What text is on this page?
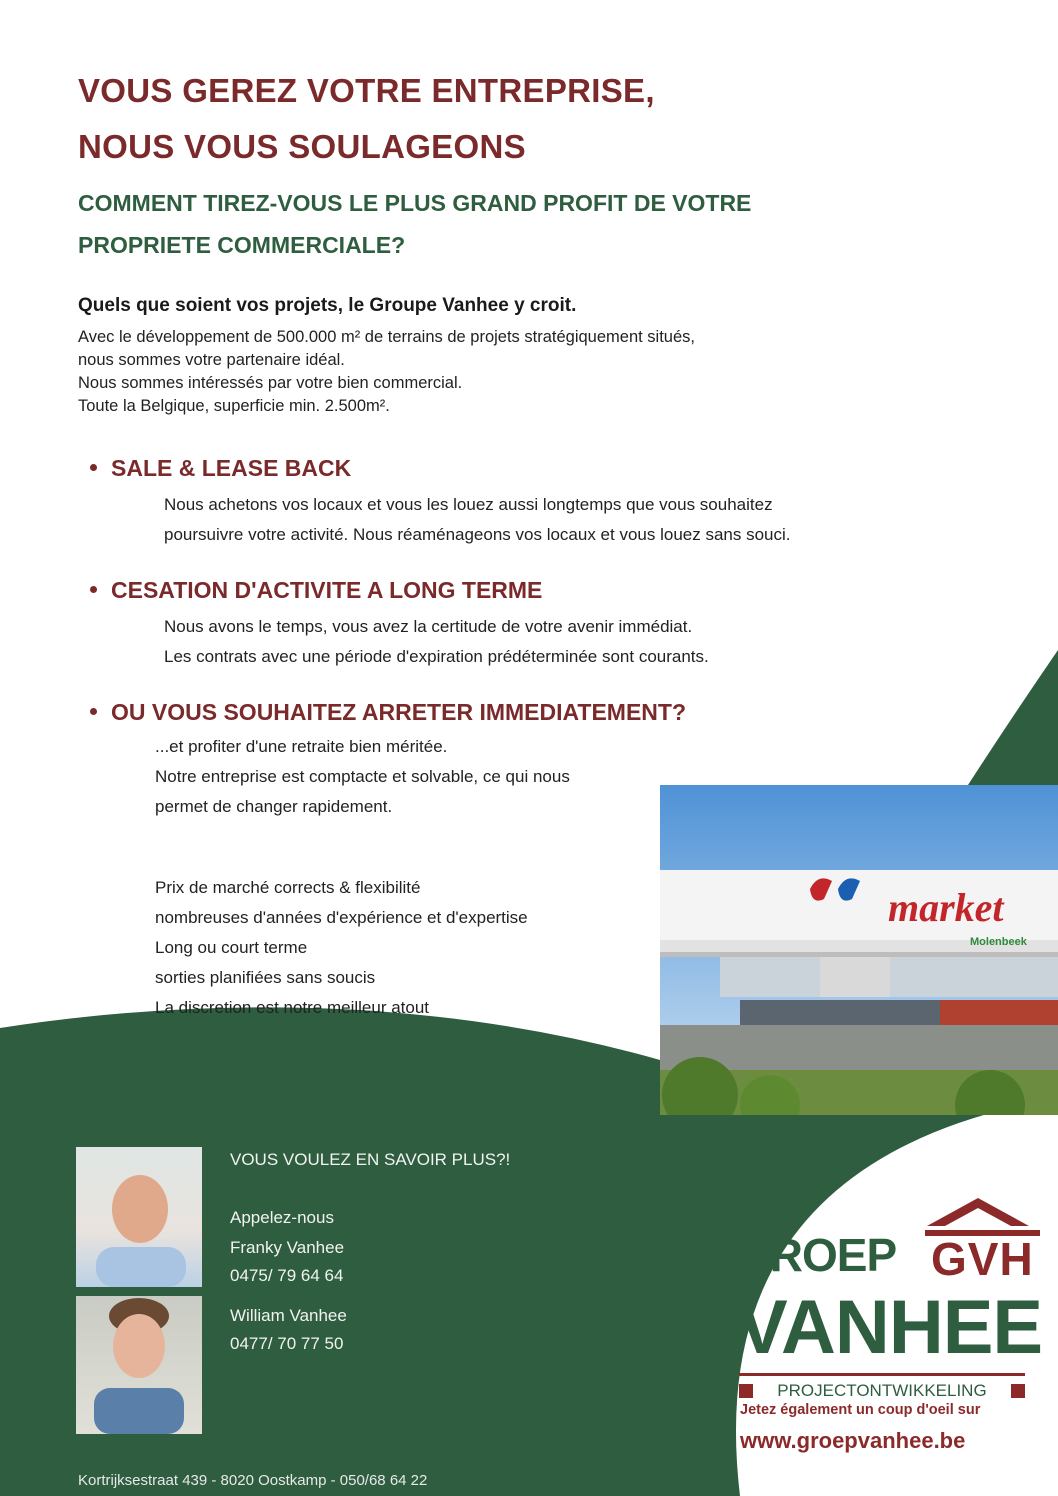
VOUS GEREZ VOTRE ENTREPRISE,
NOUS VOUS SOULAGEONS
COMMENT TIREZ-VOUS LE PLUS GRAND PROFIT DE VOTRE
PROPRIETE COMMERCIALE?
Quels que soient vos projets, le Groupe Vanhee y croit.
Avec le développement de 500.000 m² de terrains de projets stratégiquement situés,
nous sommes votre partenaire idéal.
Nous sommes intéressés par votre bien commercial.
Toute la Belgique, superficie min. 2.500m².
SALE & LEASE BACK
Nous achetons vos locaux et vous les louez aussi longtemps que vous souhaitez
poursuivre votre activité. Nous réaménageons vos locaux et vous louez sans souci.
CESATION D'ACTIVITE A LONG TERME
Nous avons le temps, vous avez la certitude de votre avenir immédiat.
Les contrats avec une période d'expiration prédéterminée sont courants.
OU VOUS SOUHAITEZ ARRETER IMMEDIATEMENT?
...et profiter d'une retraite bien méritée.
Notre entreprise est comptacte et solvable, ce qui nous
permet de changer rapidement.
Prix de marché corrects & flexibilité
nombreuses d'années d'expérience et d'expertise
Long ou court terme
sorties planifiées sans soucis
La discretion est notre meilleur atout
market
Molenbeek
VOUS VOULEZ EN SAVOIR PLUS?!
Appelez-nous
Franky Vanhee
0475/ 79 64 64
William Vanhee
0477/ 70 77 50
GROEP GVH
VANHEE
PROJECTONTWIKKELING
Jetez également un coup d'oeil sur
www.groepvanhee.be
Kortrijksestraat 439 - 8020 Oostkamp - 050/68 64 22
